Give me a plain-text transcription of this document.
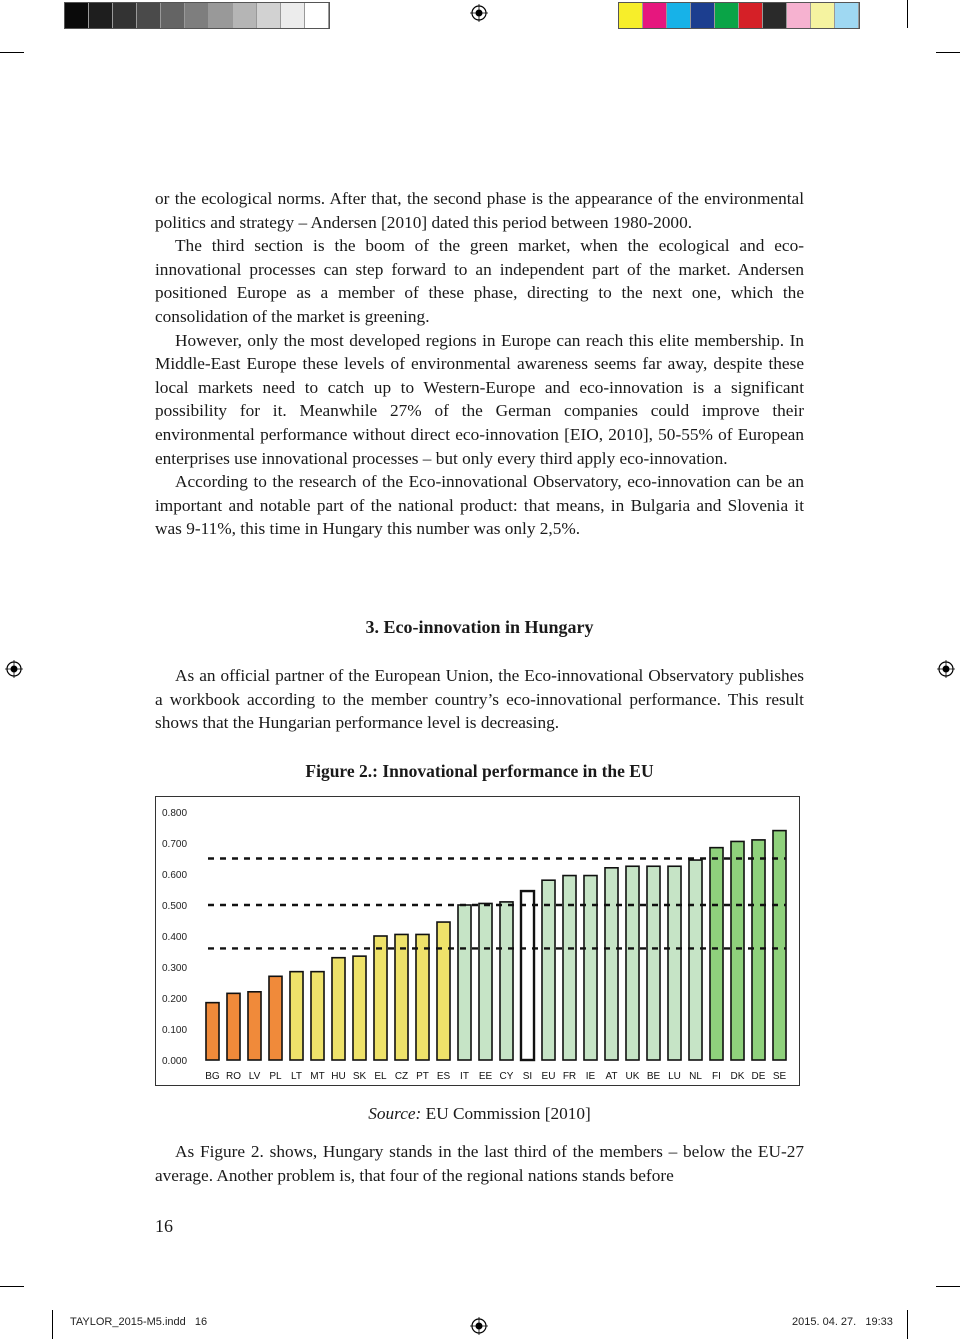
or the ecological norms. After that, the second phase is the appearance of the environmental politics and strategy – Andersen [2010] dated this period between 1980-2000.

The third section is the boom of the green market, when the ecological and eco-innovational processes can step forward to an independent part of the market. Andersen positioned Europe as a member of these phase, directing to the next one, which the consolidation of the market is greening.

However, only the most developed regions in Europe can reach this elite membership. In Middle-East Europe these levels of environmental awareness seems far away, despite these local markets need to catch up to Western-Europe and eco-innovation is a significant possibility for it. Meanwhile 27% of the German companies could improve their environmental performance without direct eco-innovation [EIO, 2010], 50-55% of European enterprises use innovational processes – but only every third apply eco-innovation.

According to the research of the Eco-innovational Observatory, eco-innovation can be an important and notable part of the national product: that means, in Bulgaria and Slovenia it was 9-11%, this time in Hungary this number was only 2,5%.

3. Eco-innovation in Hungary

As an official partner of the European Union, the Eco-innovational Observatory publishes a workbook according to the member country’s eco-innovational performance. This result shows that the Hungarian performance level is decreasing.

Figure 2.: Innovational performance in the EU
0.000
0.100
0.200
0.300
0.400
0.500
0.600
0.700
0.800
BG RO LV PL LT MT HU SK EL CZ PT ES IT EE CY SI EU FR IE AT UK BE LU NL FI DK DE SE
Source: EU Commission [2010]

As Figure 2. shows, Hungary stands in the last third of the members – below the EU-27 average. Another problem is, that four of the regional nations stands before

16
TAYLOR_2015-M5.indd   16	2015. 04. 27.   19:33
